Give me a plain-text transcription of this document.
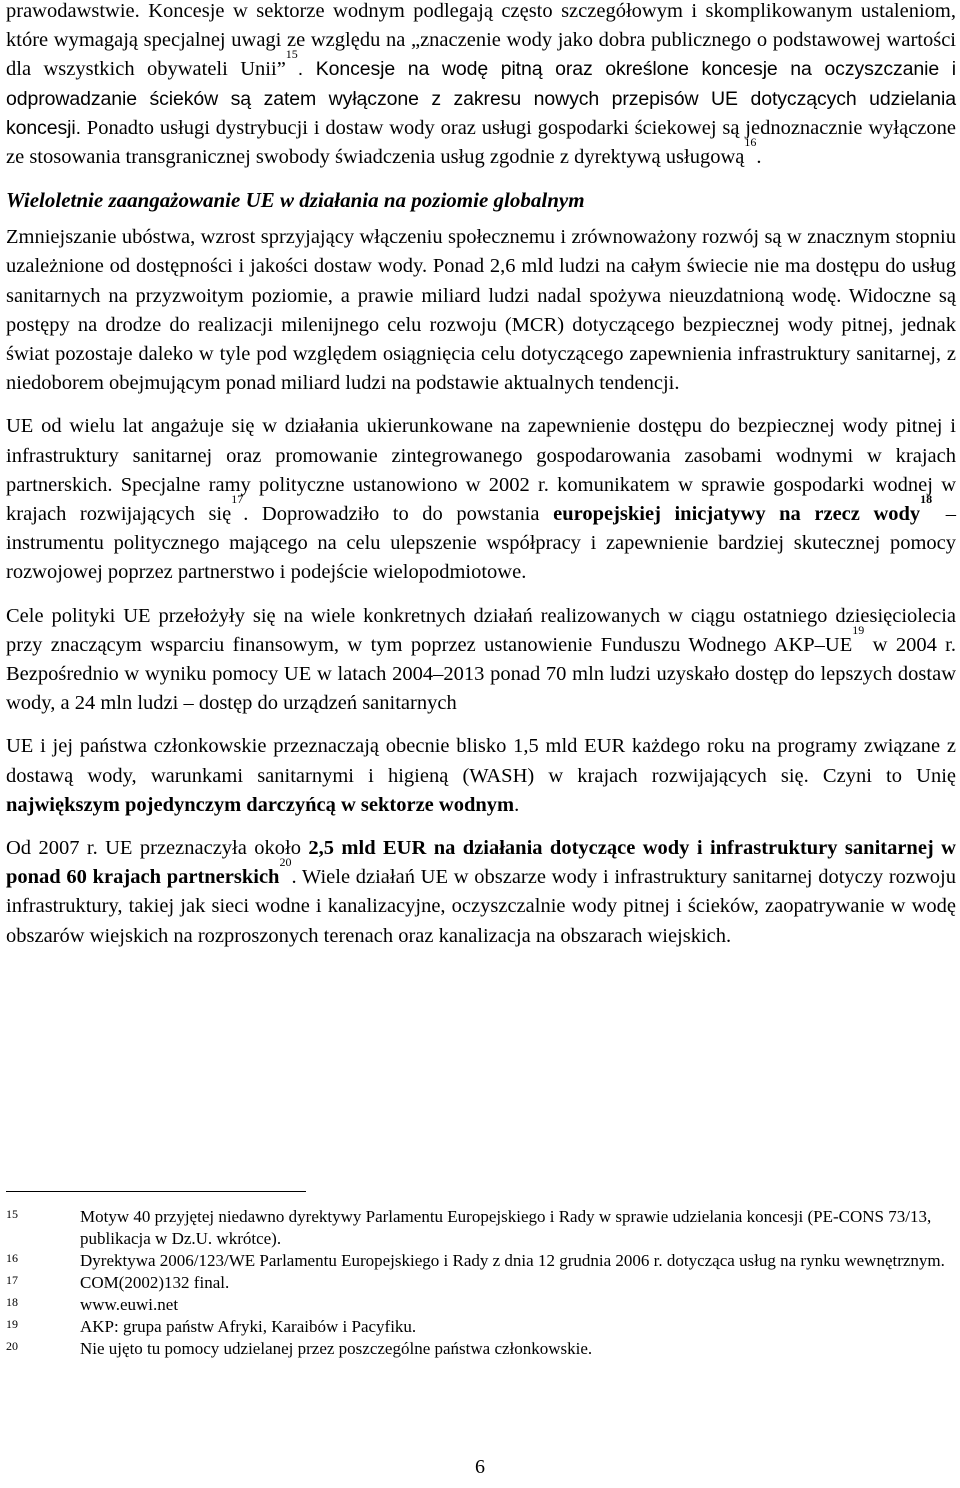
prawodawstwie. Koncesje w sektorze wodnym podlegają często szczegółowym i skomplikowanym ustaleniom, które wymagają specjalnej uwagi ze względu na „znaczenie wody jako dobra publicznego o podstawowej wartości dla wszystkich obywateli Unii”$^{15}$. Koncesje na wodę pitną oraz określone koncesje na oczyszczanie i odprowadzanie ścieków są zatem wyłączone z zakresu nowych przepisów UE dotyczących udzielania koncesji. Ponadto usługi dystrybucji i dostaw wody oraz usługi gospodarki ściekowej są jednoznacznie wyłączone ze stosowania transgranicznej swobody świadczenia usług zgodnie z dyrektywą usługową$^{16}$.

Wieloletnie zaangażowanie UE w działania na poziomie globalnym

Zmniejszanie ubóstwa, wzrost sprzyjający włączeniu społecznemu i zrównoważony rozwój są w znacznym stopniu uzależnione od dostępności i jakości dostaw wody. Ponad 2,6 mld ludzi na całym świecie nie ma dostępu do usług sanitarnych na przyzwoitym poziomie, a prawie miliard ludzi nadal spożywa nieuzdatnioną wodę. Widoczne są postępy na drodze do realizacji milenijnego celu rozwoju (MCR) dotyczącego bezpiecznej wody pitnej, jednak świat pozostaje daleko w tyle pod względem osiągnięcia celu dotyczącego zapewnienia infrastruktury sanitarnej, z niedoborem obejmującym ponad miliard ludzi na podstawie aktualnych tendencji.

UE od wielu lat angażuje się w działania ukierunkowane na zapewnienie dostępu do bezpiecznej wody pitnej i infrastruktury sanitarnej oraz promowanie zintegrowanego gospodarowania zasobami wodnymi w krajach partnerskich. Specjalne ramy polityczne ustanowiono w 2002 r. komunikatem w sprawie gospodarki wodnej w krajach rozwijających się$^{17}$. Doprowadziło to do powstania europejskiej inicjatywy na rzecz wody$^{18}$ – instrumentu politycznego mającego na celu ulepszenie współpracy i zapewnienie bardziej skutecznej pomocy rozwojowej poprzez partnerstwo i podejście wielopodmiotowe.

Cele polityki UE przełożyły się na wiele konkretnych działań realizowanych w ciągu ostatniego dziesięciolecia przy znaczącym wsparciu finansowym, w tym poprzez ustanowienie Funduszu Wodnego AKP–UE$^{19}$ w 2004 r. Bezpośrednio w wyniku pomocy UE w latach 2004–2013 ponad 70 mln ludzi uzyskało dostęp do lepszych dostaw wody, a 24 mln ludzi – dostęp do urządzeń sanitarnych

UE i jej państwa członkowskie przeznaczają obecnie blisko 1,5 mld EUR każdego roku na programy związane z dostawą wody, warunkami sanitarnymi i higieną (WASH) w krajach rozwijających się. Czyni to Unię największym pojedynczym darczyńcą w sektorze wodnym.

Od 2007 r. UE przeznaczyła około 2,5 mld EUR na działania dotyczące wody i infrastruktury sanitarnej w ponad 60 krajach partnerskich$^{20}$. Wiele działań UE w obszarze wody i infrastruktury sanitarnej dotyczy rozwoju infrastruktury, takiej jak sieci wodne i kanalizacyjne, oczyszczalnie wody pitnej i ścieków, zaopatrywanie w wodę obszarów wiejskich na rozproszonych terenach oraz kanalizacja na obszarach wiejskich.

15	Motyw 40 przyjętej niedawno dyrektywy Parlamentu Europejskiego i Rady w sprawie udzielania koncesji (PE-CONS 73/13, publikacja w Dz.U. wkrótce).
16	Dyrektywa 2006/123/WE Parlamentu Europejskiego i Rady z dnia 12 grudnia 2006 r. dotycząca usług na rynku wewnętrznym.
17	COM(2002)132 final.
18	www.euwi.net
19	AKP: grupa państw Afryki, Karaibów i Pacyfiku.
20	Nie ujęto tu pomocy udzielanej przez poszczególne państwa członkowskie.
6
